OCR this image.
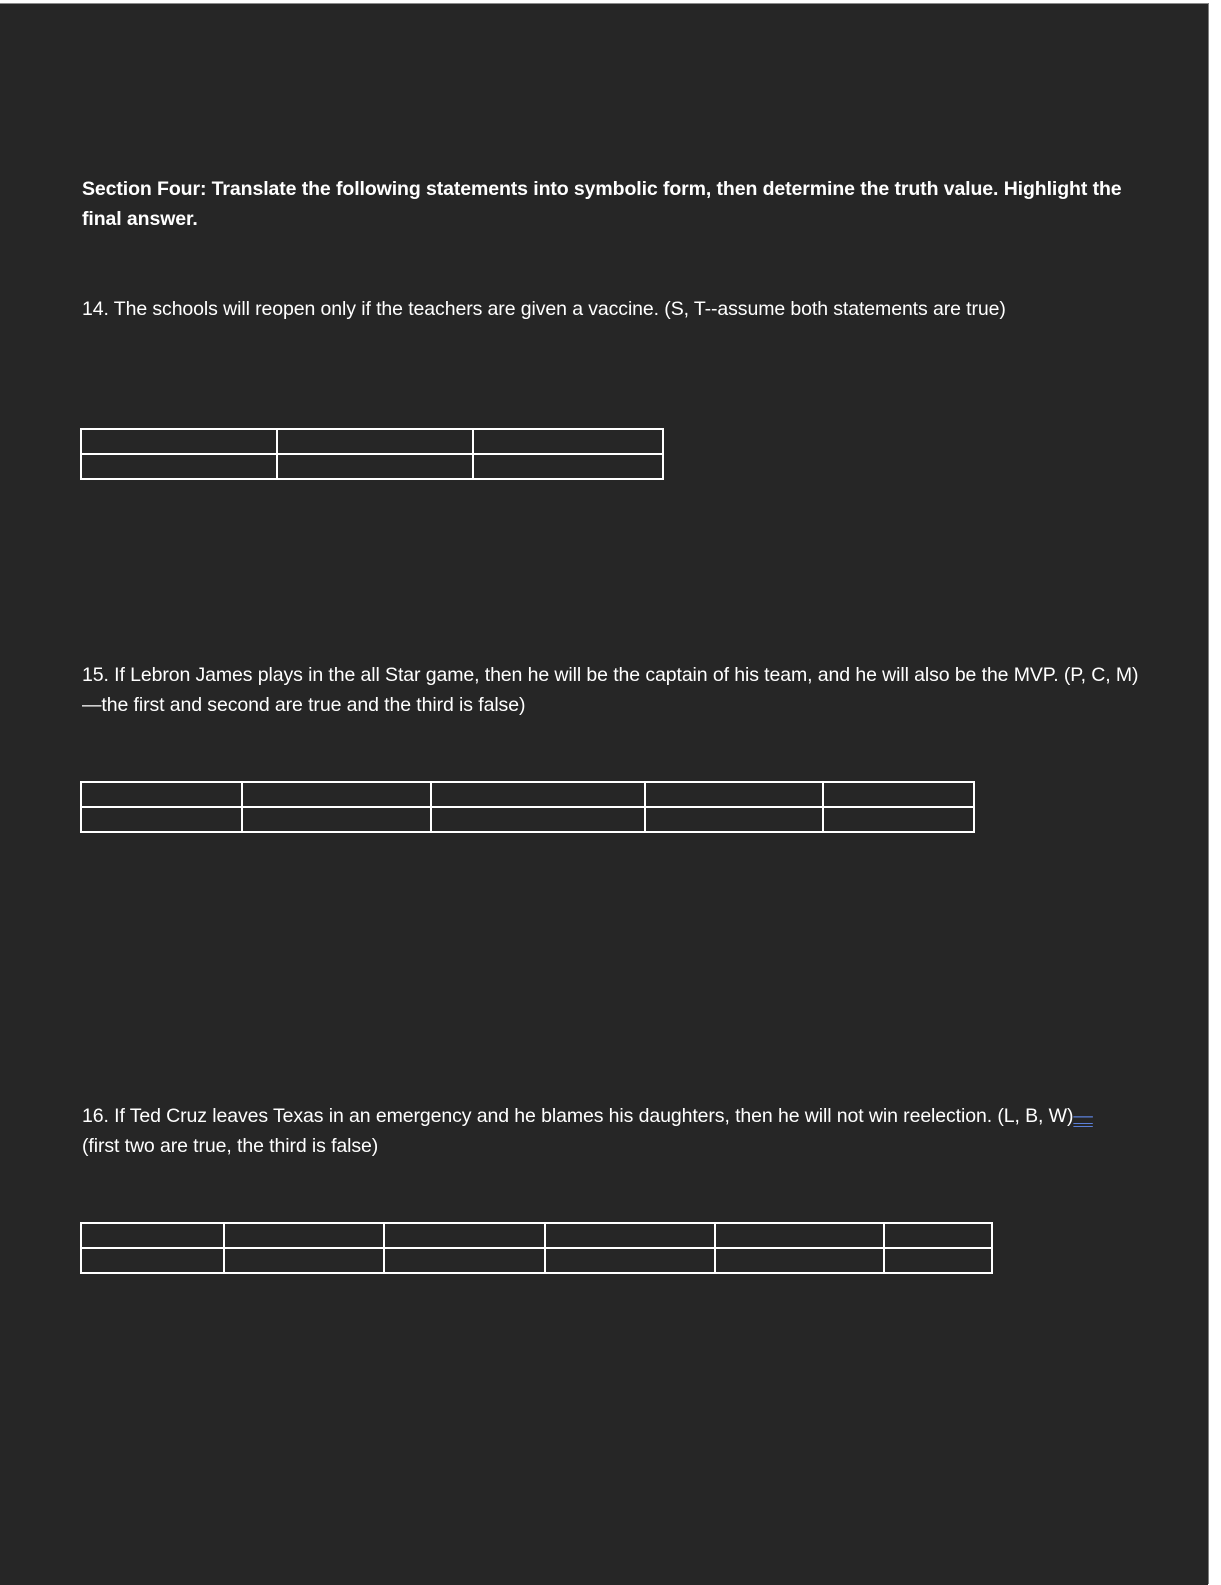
Section Four: Translate the following statements into symbolic form, then determine the truth value. Highlight the final answer.
14. The schools will reopen only if the teachers are given a vaccine. (S, T--assume both statements are true)

15. If Lebron James plays in the all Star game, then he will be the captain of his team, and he will also be the MVP. (P, C, M)—the first and second are true and the third is false)

16. If Ted Cruz leaves Texas in an emergency and he blames his daughters, then he will not win reelection. (L, B, W)—
(first two are true, the third is false)
